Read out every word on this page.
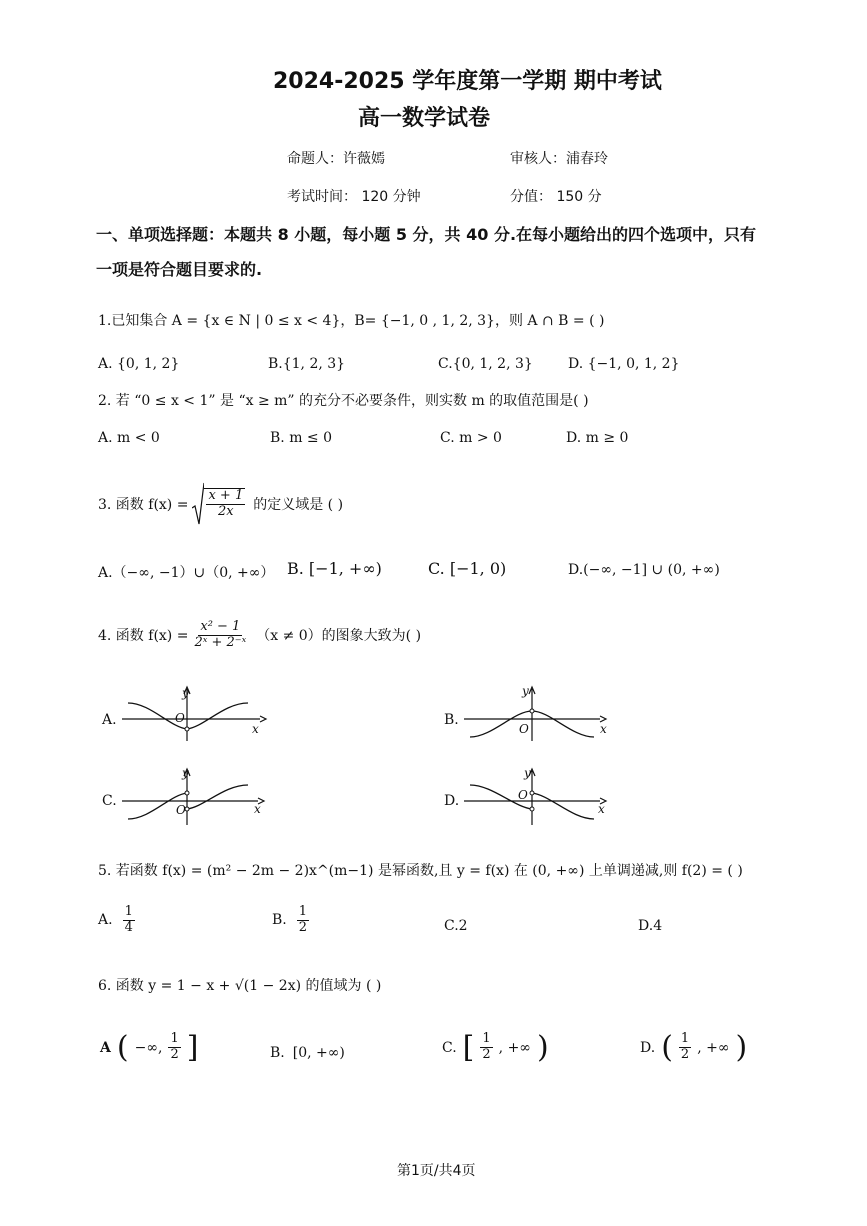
2024-2025 学年度第一学期 期中考试
高一数学试卷
命题人：许薇嫣	审核人：浦春玲
考试时间： 120 分钟	分值： 150 分
一、单项选择题：本题共 8 小题，每小题 5 分，共 40 分.在每小题给出的四个选项中，只有
一项是符合题目要求的.
1.已知集合 A = {x ∈ N | 0 ≤ x < 4}，B= {−1, 0 , 1, 2, 3}，则 A ∩ B = ( )
A. {0, 1, 2}	B.{1, 2, 3}	C.{0, 1, 2, 3}	D. {−1, 0, 1, 2}
2. 若 “0 ≤ x < 1” 是 “x ≥ m” 的充分不必要条件，则实数 m 的取值范围是( )
A. m < 0	B. m ≤ 0	C. m > 0	D. m ≥ 0
3. 函数 $f(x) = \frac{x + 1}{2x}$ 的定义域是 ( )
A.（−∞, −1）∪（0, +∞） B. [−1, +∞)	C. [−1, 0)	D.(−∞, −1] ∪ (0, +∞)
4. 函数 $f(x) = \frac{\text{x² − 1}}{\text{2ˣ + 2⁻ˣ}} (x \ne 0)$的图象大致为( )
A.
y
x
O	B.
y
x
O
C.
y
x
O
D.
y
x
O
5. 若函数 f(x) = (m² − 2m − 2)x^(m−1) 是幂函数,且 y = f(x) 在 (0, +∞) 上单调递减,则 f(2) = ( )
A. $\frac{1}{4}$	B. $\frac{1}{2}$	C.2	D.4
6. 函数 y = 1 − x + √(1 − 2x) 的值域为 ( )
A ( −∞, $\frac{1}{2}$ ]	B. [0, +∞)	C. [ $\frac{1}{2}$ , +∞ )	D. ( $\frac{1}{2}$ , +∞ )
第1页/共4页
